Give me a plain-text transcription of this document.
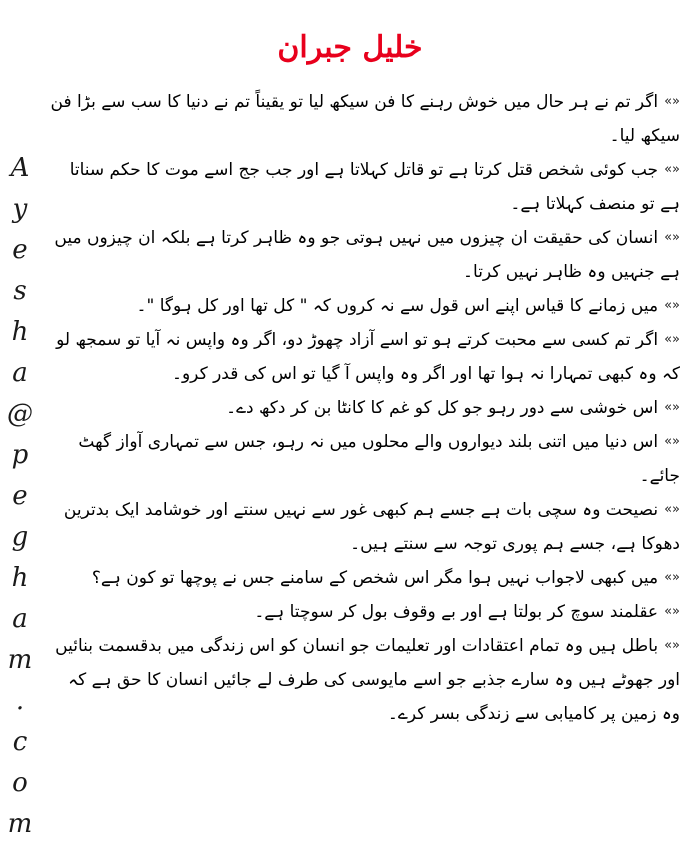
خلیل جبران
A
y
e
s
h
a
@
p
e
g
h
a
m
.
c
o
m

«»اگر تم نے ہر حال میں خوش رہنے کا فن سیکھ لیا تو یقیناً تم نے دنیا کا سب سے بڑا فن سیکھ لیا۔

«»جب کوئی شخص قتل کرتا ہے تو قاتل کہلاتا ہے اور جب جج اسے موت کا حکم سناتا ہے تو منصف کہلاتا ہے۔

«»انسان کی حقیقت ان چیزوں میں نہیں ہوتی جو وہ ظاہر کرتا ہے بلکہ ان چیزوں میں ہے جنہیں وہ ظاہر نہیں کرتا۔

«»میں زمانے کا قیاس اپنے اس قول سے نہ کروں کہ " کل تھا اور کل ہوگا "۔

«»اگر تم کسی سے محبت کرتے ہو تو اسے آزاد چھوڑ دو، اگر وہ واپس نہ آیا تو سمجھ لو کہ وہ کبھی تمہارا نہ ہوا تھا اور اگر وہ واپس آ گیا تو اس کی قدر کرو۔

«»اس خوشی سے دور رہو جو کل کو غم کا کانٹا بن کر دکھ دے۔

«»اس دنیا میں اتنی بلند دیواروں والے محلوں میں نہ رہو، جس سے تمہاری آواز گھٹ جائے۔

«»نصیحت وہ سچی بات ہے جسے ہم کبھی غور سے نہیں سنتے اور خوشامد ایک بدترین دھوکا ہے، جسے ہم پوری توجہ سے سنتے ہیں۔

«»میں کبھی لاجواب نہیں ہوا مگر اس شخص کے سامنے جس نے پوچھا تو کون ہے؟

«»عقلمند سوچ کر بولتا ہے اور بے وقوف بول کر سوچتا ہے۔

«»باطل ہیں وہ تمام اعتقادات اور تعلیمات جو انسان کو اس زندگی میں بدقسمت بنائیں اور جھوٹے ہیں وہ سارے جذبے جو اسے مایوسی کی طرف لے جائیں انسان کا حق ہے کہ وہ زمین پر کامیابی سے زندگی بسر کرے۔
